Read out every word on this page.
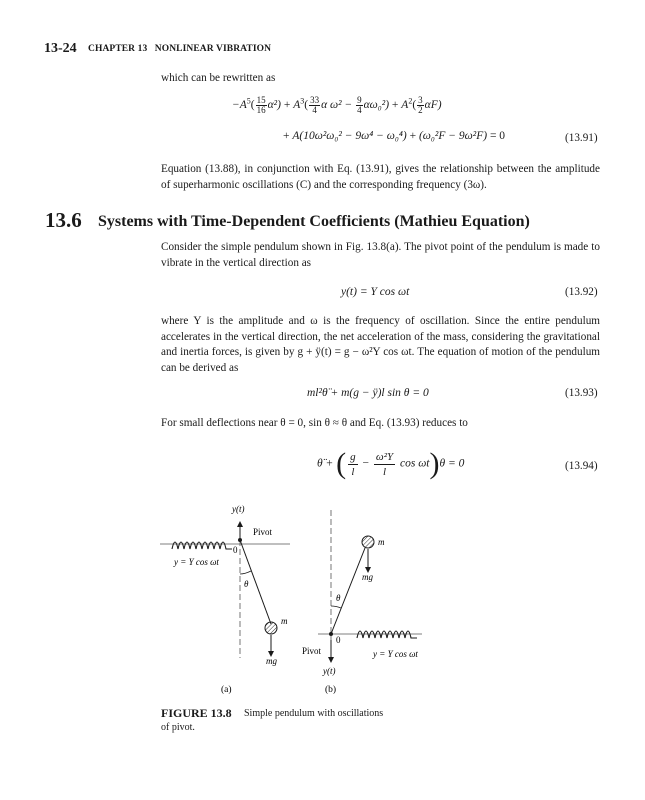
13-24 CHAPTER 13   NONLINEAR VIBRATION
which can be rewritten as
$-A^5( \frac{15}{16} \alpha^2) + A^3( \frac{33}{4}$ α $\omega^2 - \frac{9}{4} \alpha\omega_0^2) + A^2( \frac{3}{2} \alpha F)$
+ A(10ω²ω₀² − 9ω⁴ − ω₀⁴) + (ω₀²F − 9ω²F) = 0	(13.91)
Equation (13.88), in conjunction with Eq. (13.91), gives the relationship between the amplitude of superharmonic oscillations (C) and the corresponding frequency (3ω).
13.6 Systems with Time-Dependent Coefficients (Mathieu Equation)
Consider the simple pendulum shown in Fig. 13.8(a). The pivot point of the pendulum is made to vibrate in the vertical direction as
y(t) = Y cos ωt	(13.92)
where Y is the amplitude and ω is the frequency of oscillation. Since the entire pendulum accelerates in the vertical direction, the net acceleration of the mass, considering the gravitational and inertia forces, is given by g + ÿ(t) = g − ω²Y cos ωt. The equation of motion of the pendulum can be derived as
ml²θ̈ + m(g − ÿ)l sin θ = 0	(13.93)
For small deflections near θ = 0, sin θ ≈ θ and Eq. (13.93) reduces to
θ̈ + ( $\frac{g}{l} - \frac{\text{ω²Y}}{l}$ cos ωt)θ = 0	(13.94)
y(t)
Pivot
0
y = Y cos ωt
θ
m
mg
(a)
m
mg
θ
0
y = Y cos ωt
Pivot
y(t)
(b)
FIGURE 13.8 Simple pendulum with oscillations
of pivot.
